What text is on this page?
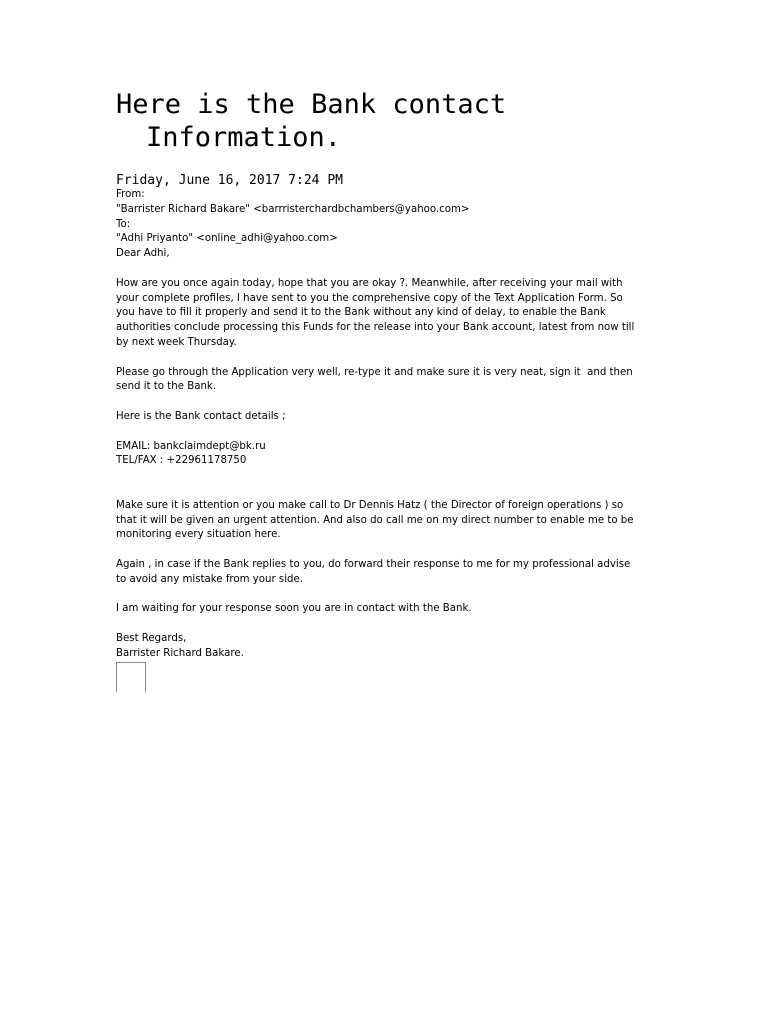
Here is the Bank contact
Information.
Friday, June 16, 2017 7:24 PM
From:
"Barrister Richard Bakare" <barrristerchardbchambers@yahoo.com>
To:
"Adhi Priyanto" <online_adhi@yahoo.com>
Dear Adhi,
How are you once again today, hope that you are okay ?. Meanwhile, after receiving your mail with
your complete profiles, I have sent to you the comprehensive copy of the Text Application Form. So
you have to fill it properly and send it to the Bank without any kind of delay, to enable the Bank
authorities conclude processing this Funds for the release into your Bank account, latest from now till
by next week Thursday.
Please go through the Application very well, re-type it and make sure it is very neat, sign it  and then
send it to the Bank.
Here is the Bank contact details ;
EMAIL: bankclaimdept@bk.ru
TEL/FAX : +22961178750
Make sure it is attention or you make call to Dr Dennis Hatz ( the Director of foreign operations ) so
that it will be given an urgent attention. And also do call me on my direct number to enable me to be
monitoring every situation here.
Again , in case if the Bank replies to you, do forward their response to me for my professional advise
to avoid any mistake from your side.
I am waiting for your response soon you are in contact with the Bank.
Best Regards,
Barrister Richard Bakare.
